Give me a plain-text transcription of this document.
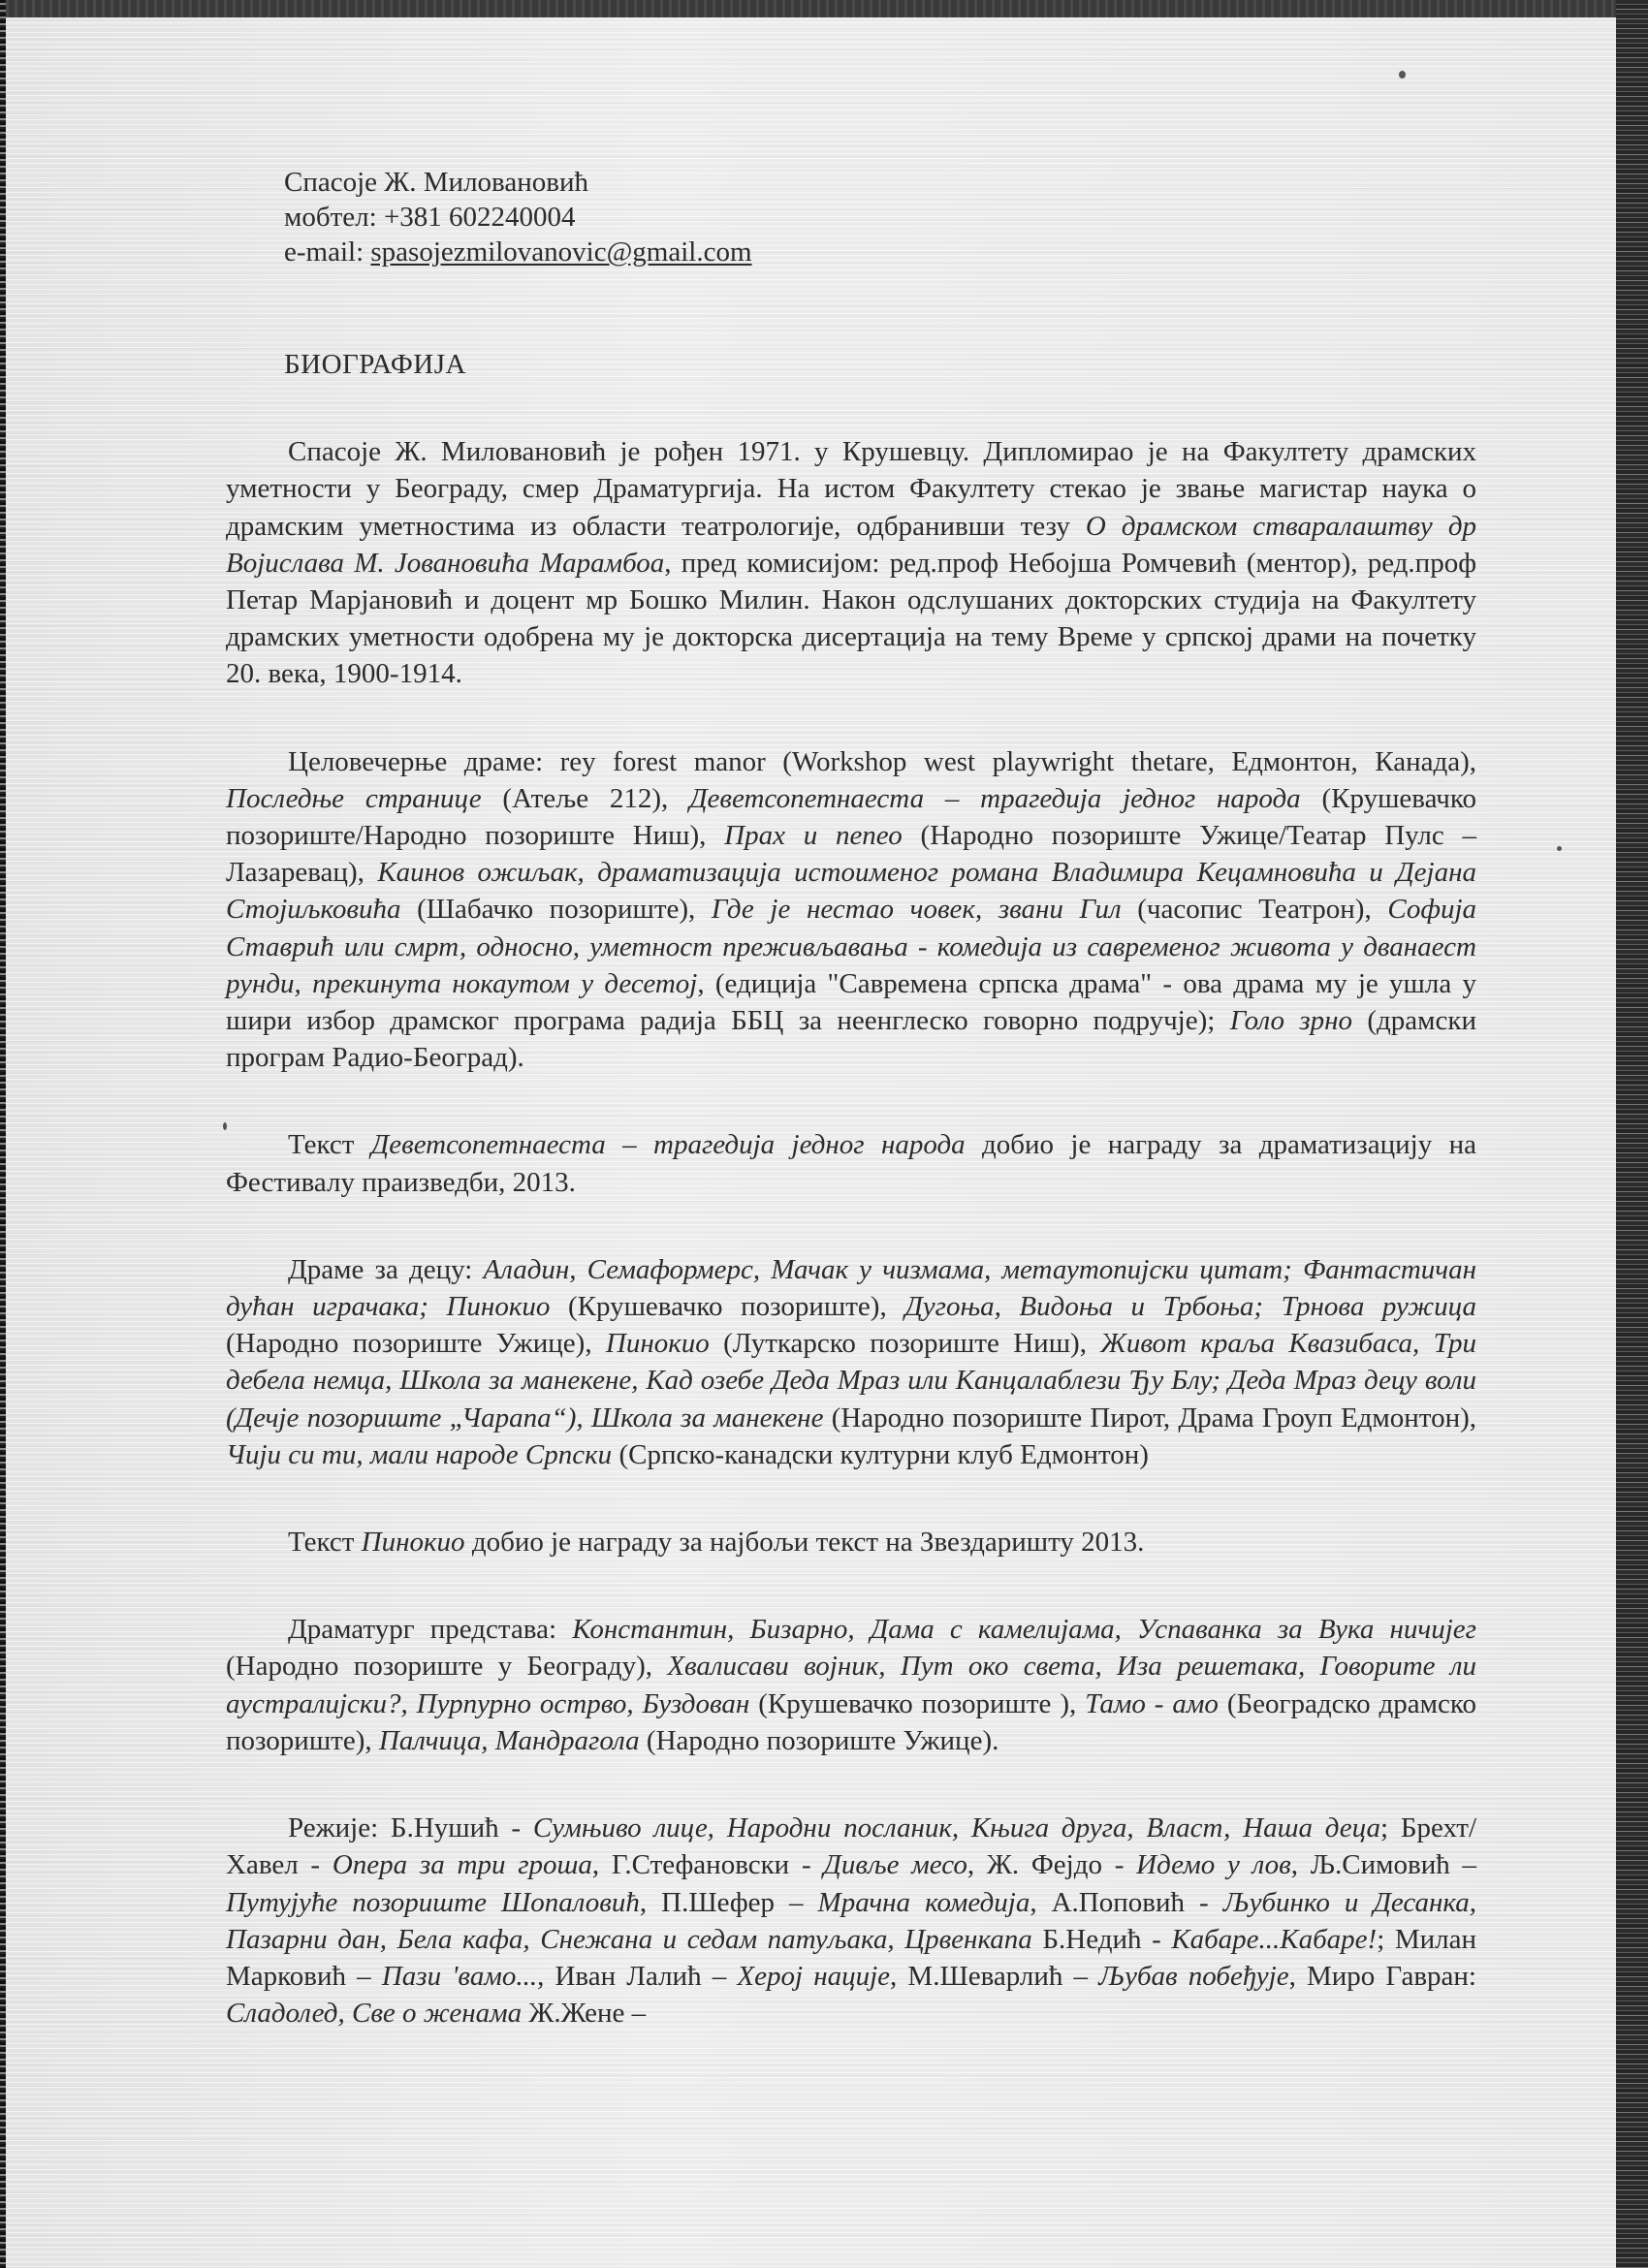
Спасоје Ж. Миловановић
мобтел: +381 602240004
e-mail: spasojezmilovanovic@gmail.com
БИОГРАФИЈА

Спасоје Ж. Миловановић је рођен 1971. у Крушевцу. Дипломирао је на Факултету драмских уметности у Београду, смер Драматургија. На истом Факултету стекао је звање магистар наука о драмским уметностима из области театрологије, одбранивши тезу О драмском стваралаштву др Војислава М. Јовановића Марамбоа, пред комисијом: ред.проф Небојша Ромчевић (ментор), ред.проф Петар Марјановић и доцент мр Бошко Милин. Након одслушаних докторских студија на Факултету драмских уметности одобрена му је докторска дисертација на тему Време у српској драми на почетку 20. века, 1900-1914.

Целовечерње драме: rey forest manor (Workshop west playwright thetare, Едмонтон, Канада), Последње странице (Атеље 212), Деветсопетнаеста – трагедија једног народа (Крушевачко позориште/Народно позориште Ниш), Прах и пепео (Народно позориште Ужице/Театар Пулс – Лазаревац), Каинов ожиљак, драматизација истоименог романа Владимира Кецамновића и Дејана Стојиљковића (Шабачко позориште), Где је нестао човек, звани Гил (часопис Театрон), Софија Ставрић или смрт, односно, уметност преживљавања - комедија из савременог живота у дванаест рунди, прекинута нокаутом у десетој, (едиција "Савремена српска драма" - ова драма му је ушла у шири избор драмског програма радија ББЦ за неенглеско говорно подручје); Голо зрно (драмски програм Радио-Београд).

Текст Деветсопетнаеста – трагедија једног народа добио је награду за драматизацију на Фестивалу праизведби, 2013.

Драме за децу: Аладин, Семаформерс, Мачак у чизмама, метаутопијски цитат; Фантастичан дућан играчака; Пинокио (Крушевачко позориште), Дугоња, Видоња и Трбоња; Трнова ружица (Народно позориште Ужице), Пинокио (Луткарско позориште Ниш), Живот краља Квазибаса, Три дебела немца, Школа за манекене, Кад озебе Деда Мраз или Канцалаблези Ђу Блу; Деда Мраз децу воли (Дечје позориште „Чарапа“), Школа за манекене (Народно позориште Пирот, Драма Гроуп Едмонтон), Чији си ти, мали народе Српски (Српско-канадски културни клуб Едмонтон)

Текст Пинокио добио је награду за најбољи текст на Звездаришту 2013.

Драматург представа: Константин, Бизарно, Дама с камелијама, Успаванка за Вука ничијег (Народно позориште у Београду), Хвалисави војник, Пут око света, Иза решетака, Говорите ли аустралијски?, Пурпурно острво, Буздован (Крушевачко позориште ), Тамо - амо (Београдско драмско позориште), Палчица, Мандрагола (Народно позориште Ужице).

Режије: Б.Нушић - Сумњиво лице, Народни посланик, Књига друга, Власт, Наша деца; Брехт/Хавел - Опера за три гроша, Г.Стефановски - Дивље месо, Ж. Фејдо - Идемо у лов, Љ.Симовић – Путујуће позориште Шопаловић, П.Шефер – Мрачна комедија, А.Поповић - Љубинко и Десанка, Пазарни дан, Бела кафа, Снежана и седам патуљака, Црвенкапа Б.Недић - Кабаре...Кабаре!; Милан Марковић – Пази 'вамо..., Иван Лалић – Херој нације, М.Шеварлић – Љубав побеђује, Миро Гавран: Сладолед, Све о женама Ж.Жене –
